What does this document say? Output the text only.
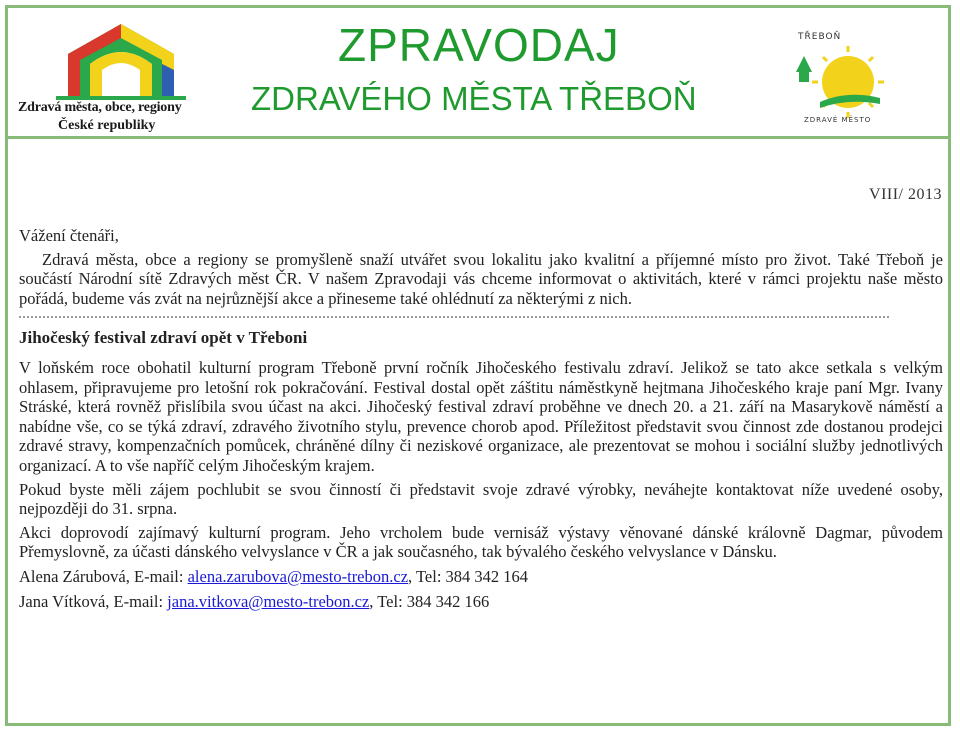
Zdravá města, obce, regiony
České republiky
ZPRAVODAJ
ZDRAVÉHO MĚSTA TŘEBOŇ
TŘEBOŇ
ZDRAVÉ MĚSTO
VIII/ 2013

Vážení čtenáři,

Zdravá města, obce a regiony se promyšleně snaží utvářet svou lokalitu jako kvalitní a příjemné místo pro život. Také Třeboň je součástí Národní sítě Zdravých měst ČR. V našem Zpravodaji vás chceme informovat o aktivitách, které v rámci projektu naše město pořádá, budeme vás zvát na nejrůznější akce a přineseme také ohlédnutí za některými z nich.

Jihočeský festival zdraví opět v Třeboni

V loňském roce obohatil kulturní program Třeboně první ročník Jihočeského festivalu zdraví. Jelikož se tato akce setkala s velkým ohlasem, připravujeme pro letošní rok pokračování. Festival dostal opět záštitu náměstkyně hejtmana Jihočeského kraje paní Mgr. Ivany Stráské, která rovněž přislíbila svou účast na akci. Jihočeský festival zdraví proběhne ve dnech 20. a 21. září na Masarykově náměstí a nabídne vše, co se týká zdraví, zdravého životního stylu, prevence chorob apod. Příležitost představit svou činnost zde dostanou prodejci zdravé stravy, kompenzačních pomůcek, chráněné dílny či neziskové organizace, ale prezentovat se mohou i sociální služby jednotlivých organizací. A to vše napříč celým Jihočeským krajem.

Pokud byste měli zájem pochlubit se svou činností či představit svoje zdravé výrobky, neváhejte kontaktovat níže uvedené osoby, nejpozději do 31. srpna.

Akci doprovodí zajímavý kulturní program. Jeho vrcholem bude vernisáž výstavy věnované dánské královně Dagmar, původem Přemyslovně, za účasti dánského velvyslance v ČR a jak současného, tak bývalého českého velvyslance v Dánsku.

Alena Zárubová, E-mail: alena.zarubova@mesto-trebon.cz, Tel: 384 342 164

Jana Vítková, E-mail: jana.vitkova@mesto-trebon.cz, Tel: 384 342 166
